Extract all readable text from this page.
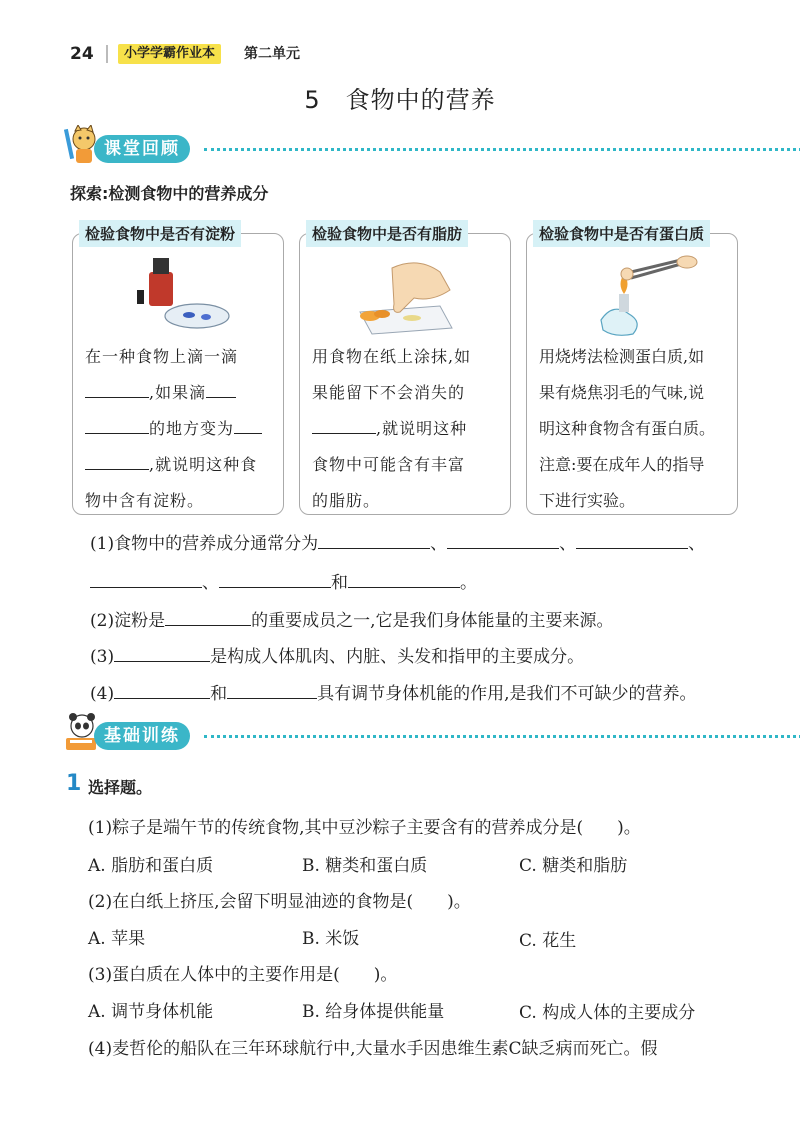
24	小学学霸作业本	第二单元
5　食物中的营养
课堂回顾
探索:检测食物中的营养成分
检验食物中是否有淀粉
在一种食物上滴一滴
,如果滴
的地方变为
,就说明这种食
物中含有淀粉。
检验食物中是否有脂肪
用食物在纸上涂抹,如
果能留下不会消失的
,就说明这种
食物中可能含有丰富
的脂肪。
检验食物中是否有蛋白质
用烧烤法检测蛋白质,如
果有烧焦羽毛的气味,说
明这种食物含有蛋白质。
注意:要在成年人的指导
下进行实验。
(1)食物中的营养成分通常分为	、	、	、
、	和	。
(2)淀粉是	的重要成员之一,它是我们身体能量的主要来源。
(3)	是构成人体肌肉、内脏、头发和指甲的主要成分。
(4)	和	具有调节身体机能的作用,是我们不可缺少的营养。
基础训练
1 选择题。
(1)粽子是端午节的传统食物,其中豆沙粽子主要含有的营养成分是(　　)。
A. 脂肪和蛋白质	B. 糖类和蛋白质	C. 糖类和脂肪
(2)在白纸上挤压,会留下明显油迹的食物是(　　)。
A. 苹果	B. 米饭	C. 花生
(3)蛋白质在人体中的主要作用是(　　)。
A. 调节身体机能	B. 给身体提供能量	C. 构成人体的主要成分
(4)麦哲伦的船队在三年环球航行中,大量水手因患维生素C缺乏病而死亡。假
